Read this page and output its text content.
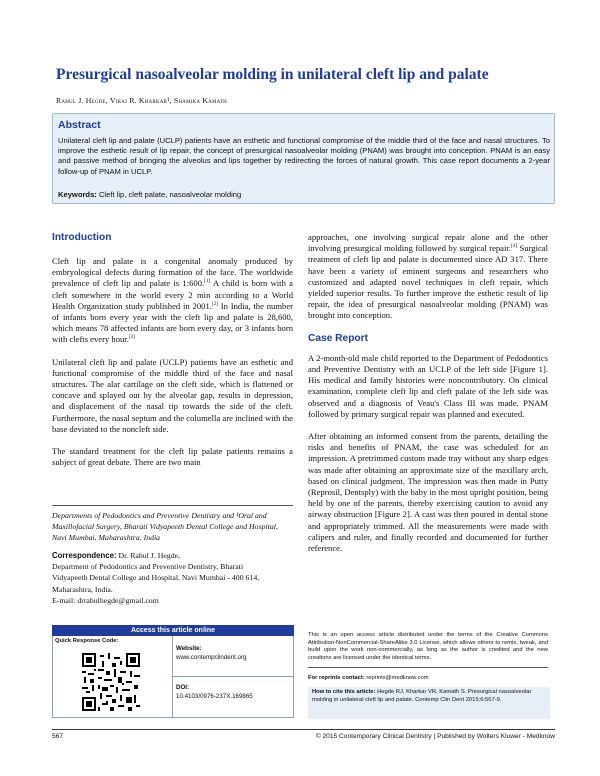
Presurgical nasoalveolar molding in unilateral cleft lip and palate
Rahul J. Hegde, Viraj R. Kharkar¹, Shamika Kamath
Abstract
Unilateral cleft lip and palate (UCLP) patients have an esthetic and functional compromise of the middle third of the face and nasal structures. To improve the esthetic result of lip repair, the concept of presurgical nasoalveolar molding (PNAM) was brought into conception. PNAM is an easy and passive method of bringing the alveolus and lips together by redirecting the forces of natural growth. This case report documents a 2-year follow-up of PNAM in UCLP.
Keywords: Cleft lip, cleft palate, nasoalveolar molding
Introduction

Cleft lip and palate is a congenital anomaly produced by embryological defects during formation of the face. The worldwide prevalence of cleft lip and palate is 1:600.[1] A child is born with a cleft somewhere in the world every 2 min according to a World Health Organization study published in 2001.[2] In India, the number of infants born every year with the cleft lip and palate is 28,600, which means 78 affected infants are born every day, or 3 infants born with clefts every hour.[3]

Unilateral cleft lip and palate (UCLP) patients have an esthetic and functional compromise of the middle third of the face and nasal structures. The alar cartilage on the cleft side, which is flattened or concave and splayed out by the alveolar gap, results in depression, and displacement of the nasal tip towards the side of the cleft. Furthermore, the nasal septum and the columella are inclined with the base deviated to the noncleft side.

The standard treatment for the cleft lip palate patients remains a subject of great debate. There are two main

approaches, one involving surgical repair alone and the other involving presurgical molding followed by surgical repair.[4] Surgical treatment of cleft lip and palate is documented since AD 317. There have been a variety of eminent surgeons and researchers who customized and adapted novel techniques in cleft repair, which yielded superior results. To further improve the esthetic result of lip repair, the idea of presurgical nasoalveolar molding (PNAM) was brought into conception.

Case Report

A 2-month-old male child reported to the Department of Pedodontics and Preventive Dentistry with an UCLP of the left side [Figure 1]. His medical and family histories were noncontributory. On clinical examination, complete cleft lip and cleft palate of the left side was observed and a diagnosis of Veau's Class III was made. PNAM followed by primary surgical repair was planned and executed.

After obtaining an informed consent from the parents, detailing the risks and benefits of PNAM, the case was scheduled for an impression. A pretrimmed custom made tray without any sharp edges was made after obtaining an approximate size of the maxillary arch, based on clinical judgment. The impression was then made in Putty (Reprosil, Dentsply) with the baby in the most upright position, being held by one of the parents, thereby exercising caution to avoid any airway obstruction [Figure 2]. A cast was then poured in dental stone and appropriately trimmed. All the measurements were made with calipers and ruler, and finally recorded and documented for further reference.

Departments of Pedodontics and Preventive Dentistry and ¹Oral and Maxillofacial Surgery, Bharati Vidyapeeth Dental College and Hospital, Navi Mumbai, Maharashtra, India
Correspondence: Dr. Rahul J. Hegde,
Department of Pedodontics and Preventive Dentistry, Bharati
Vidyapeeth Dental College and Hospital, Navi Mumbai - 400 614,
Maharashtra, India.
E-mail: drrahulhegde@gmail.com
Access this article online
Quick Response Code:
Website:
www.contempclindent.org
DOI:
10.4103/0976-237X.169865
This is an open access article distributed under the terms of the Creative Commons Attribution-NonCommercial-ShareAlike 3.0 License, which allows others to remix, tweak, and build upon the work non-commercially, as long as the author is credited and the new creations are licensed under the identical terms.
For reprints contact: reprints@medknow.com
How to cite this article: Hegde RJ, Kharkar VR, Kamath S. Presurgical nasoalveolar molding in unilateral cleft lip and palate. Contemp Clin Dent 2015;6:567-9.
567	© 2015 Contemporary Clinical Dentistry | Published by Wolters Kluwer - Medknow
